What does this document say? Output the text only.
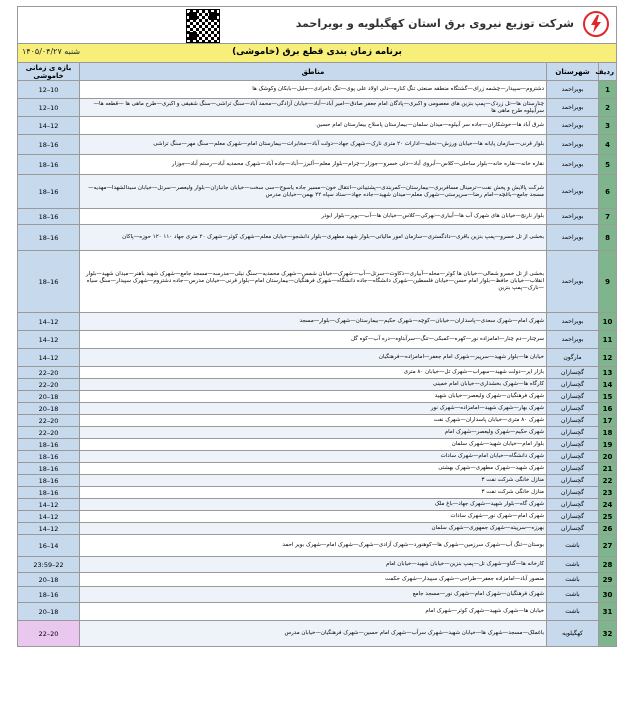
شرکت توزیع نیروی برق استان کهگیلویه و بویراحمد
برنامه زمان بندی قطع برق (خاموشی)
شنبه ۱۴۰۵/۰۴/۲۷
ردیف	شهرستان	مناطق	بازه ی زمانی خاموشی
1	بویراحمد	دشتروم—سپیدار—چشمه زرای—گشتگاه منطقه صنعتی تنگ کناره—دلی اولاد علی پوی—تنگ تامرادی—جلیل—بابکان وکوشک ها	12–10
2	بویراحمد	چنارستان ها—تل زردک—پمپ بنزین های معصومی و اکبری—پادگان امام جعفر صادق—امیر آباد—آباد—خیابان آزادگی—محمد آباد—سنگ تراشی—سنگ شقیقی و اکبری—طرح ماهی ها —قطعه ها—سرآبیلوه طرح ماهی ها	12–10
3	بویراحمد	شرق آباد ها—خوشکاران—جاده سر آبیلوه—میدان سلمان—بیمارستان پاسلاح بیمارستان امام حسین	14–12
4	بویراحمد	بلوار قرنی—سازمان پایانه ها—خیابان ورزش—نخلیه—ادارات ۲۰ متری نارک—شهرک جهاد—دولت آباد—مخابرات—بیمارستان امام—شهرک معلم—سنگ مهر—سنگ تراشی	18–16
5	بویراحمد	نقاره خانه—نقاره خانه—بلوار ساحلی—کلاس—آبروی آباد—دلی خسرو—جوزار—چرام—بلوار معلم—آلبرز—آباد—جاده آباد—شهرک محمدیه آباد—رستم آباد—جوزار	18–16
6	بویراحمد	شرکت پالایش و پخش نفت—ترمینال مسافربری—بیمارستان—کمربندی—پشتیبانی—انتقال خون—مسیر جاده یاسوج—سی سخت—خیابان جانبازان—بلوار ولیعصر—سرتل—خیابان سیدالشهدا—مهدیه—مسجد جامع—باغچه—امام رضا—سرپرستی—شهرک معلم—میدان شهید—جاده جهاد—ستاد سپاه ۲۲ بهمن—خیابان مدرس	18–16
7	بویراحمد	بلوار نارنج—خیابان های شهرک آب ها—آبیاری—نهرکی—کلاس—خیابان ها—آب—بویر—بلوار ابوذر	18–16
8	بویراحمد	بخشی از تل خسرو—پمپ بنزین باقری—دادگستری—سازمان امور مالیاتی—بلوار شهید مطهری—بلوار دانشجو—خیابان معلم—شهرک کوثر—شهرک ۲۰ متری جهاد ۱۱۰ ۱۲۰ حوزه—پاکان	18–16
9	بویراحمد	بخشی از تل خسرو شمالی—خیابان ها کوثر—محله—آبیاری—ذکاوت—سرتل—آب—شهرک—خیابان شمس—شهرک محمدیه—سنگ نیلی—مدرسه—مسجد جامع—شهرک شهید باهنر—میدان شهید—بلوار انقلاب—خیابان حافظ—بلوار امام حسن—خیابان فلسطین—شهرک دانشگاه—جاده دانشگاه—شهرک فرهنگیان—بیمارستان امام—بلوار قرنی—خیابان مدرس—جاده دشتروم—شهرک سپیدار—سنگ سیاه—نارک—پمپ بنزین	18–16
10	بویراحمد	شهرک امام—شهرک سعدی—پاسداران—خیابان—کوچه—شهرک حکیم—بیمارستان—شهرک—بلوار—مسجد	14–12
11	بویراحمد	سرچنار—دم چنار—امامزاده نور—کهره—کمبکی—تنگ—سرآبتاوه—دره آب—کوه گل	14–12
12	مارگون	خیابان ها—بلوار شهید—سرپیر—شهرک امام جعفر—امامزاده—فرهنگیان	14–12
13	گچساران	بازار ایر—دولت شهید—سهراب—شهرک تل—خیابان ۸۰ متری	22–20
14	گچساران	کارگاه ها—شهرک بخشداری—خیابان امام خمینی	22–20
15	گچساران	شهرک فرهنگیان—شهرک ولیعصر—خیابان شهید	20–18
16	گچساران	شهرک بهار—شهرک شهید—امامزاده—شهرک نور	20–18
17	گچساران	شهرک ۸۰ متری—خیابان پاسداران—شهرک نفت	22–20
18	گچساران	شهرک حکیم—شهرک ولیعصر—شهرک امام	22–20
19	گچساران	بلوار امام—خیابان شهید—شهرک سلمان	18–16
20	گچساران	شهرک دانشگاه—خیابان امام—شهرک سادات	18–16
21	گچساران	شهرک شهید—شهرک مطهری—شهرک بهشتی	18–16
22	گچساران	منازل خانگی شرکت نفت ۳	18–16
23	گچساران	منازل خانگی شرکت نفت ۳	18–16
24	گچساران	شهرک گاه—بلوار شهید—شهرک جهاد—باغ ملک	14–12
25	گچساران	شهرک امام—شهرک نور—شهرک سادات	14–12
26	گچساران	بهرزه—سرپیته—شهرک جمهوری—شهرک سلمان	14–12
27	باشت	بوستان—تنگ آب—شهرک سرزمین—شهرک ها—کوهنورد—شهرک آزادی—شهرک—شهرک امام—شهرک بویر احمد	16–14
28	باشت	کارخانه ها—گناو—شهرک تل—پمپ بنزین—خیابان شهید—خیابان امام	23:59–22
29	باشت	منصور آباد—امامزاده جعفر—طراحی—شهرک سپیدار—شهرک حکمت	20–18
30	باشت	شهرک فرهنگیان—شهرک امام—شهرک نور—مسجد جامع	18–16
31	باشت	خیابان ها—شهرک شهید—شهرک کوثر—شهرک امام	20–18
32	کهگیلویه	باغملک—مسجد—شهرک ها—خیابان شهید—شهرک سرآب—شهرک امام حسین—شهرک فرهنگیان—خیابان مدرس	22–20
